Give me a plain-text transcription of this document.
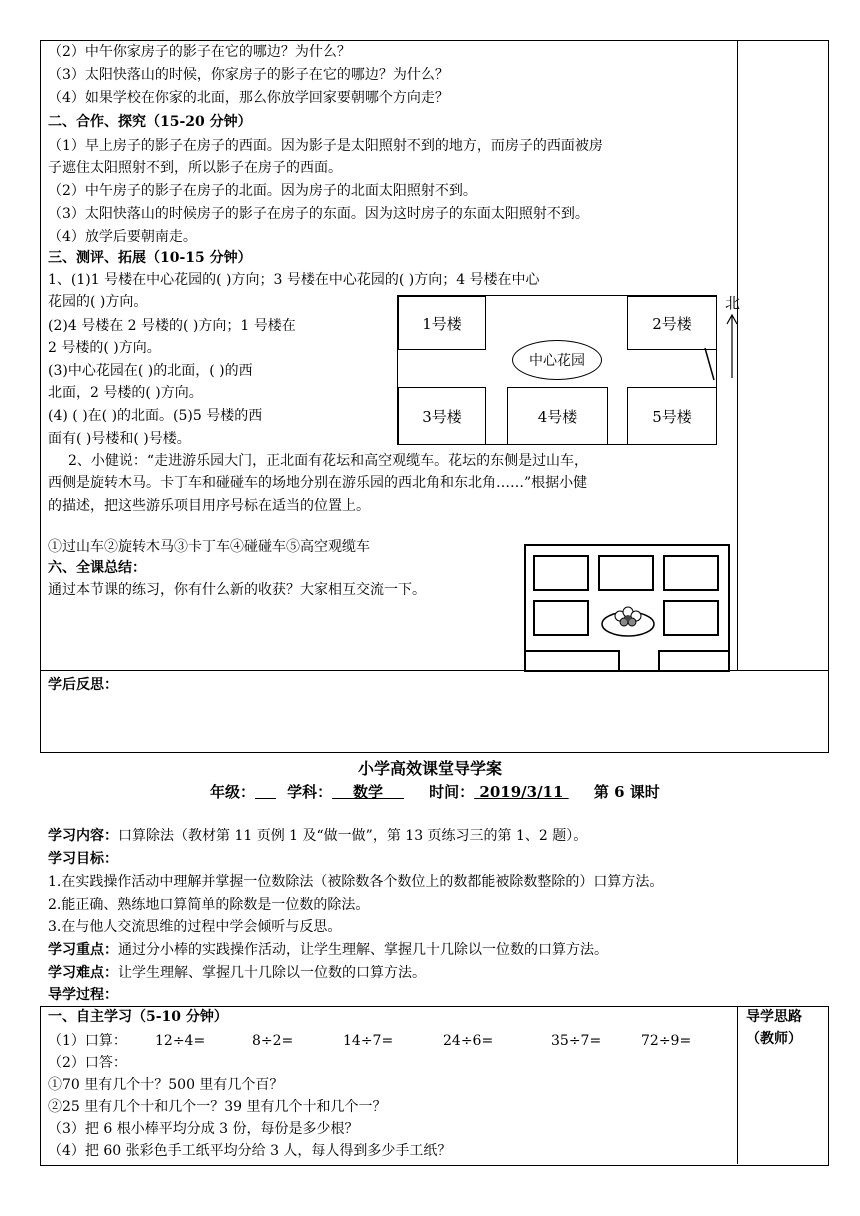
（2）中午你家房子的影子在它的哪边？为什么？
（3）太阳快落山的时候，你家房子的影子在它的哪边？为什么？
（4）如果学校在你家的北面，那么你放学回家要朝哪个方向走？
二、合作、探究（15-20 分钟）
（1）早上房子的影子在房子的西面。因为影子是太阳照射不到的地方，而房子的西面被房
子遮住太阳照射不到，所以影子在房子的西面。
（2）中午房子的影子在房子的北面。因为房子的北面太阳照射不到。
（3）太阳快落山的时候房子的影子在房子的东面。因为这时房子的东面太阳照射不到。
（4）放学后要朝南走。
三、测评、拓展（10-15 分钟）
1、(1)1 号楼在中心花园的( )方向；3 号楼在中心花园的( )方向；4 号楼在中心
花园的( )方向。
(2)4 号楼在 2 号楼的( )方向；1 号楼在
2 号楼的( )方向。
(3)中心花园在( )的北面，( )的西
北面，2 号楼的( )方向。
(4) ( )在( )的北面。(5)5 号楼的西
面有( )号楼和( )号楼。
1号楼	2号楼
3号楼	4号楼	5号楼
中心花园
北
2、小健说：“走进游乐园大门，正北面有花坛和高空观缆车。花坛的东侧是过山车，
西侧是旋转木马。卡丁车和碰碰车的场地分别在游乐园的西北角和东北角……”根据小健
的描述，把这些游乐项目用序号标在适当的位置上。
①过山车②旋转木马③卡丁车④碰碰车⑤高空观缆车
六、全课总结：
通过本节课的练习，你有什么新的收获？大家相互交流一下。
学后反思：
小学高效课堂导学案
年级： 学科：    数学     时间： 2019/3/11  第 6 课时
学习内容：口算除法（教材第 11 页例 1 及“做一做”，第 13 页练习三的第 1、2 题）。
学习目标：
1.在实践操作活动中理解并掌握一位数除法（被除数各个数位上的数都能被除数整除的）口算方法。
2.能正确、熟练地口算简单的除数是一位数的除法。
3.在与他人交流思维的过程中学会倾听与反思。
学习重点：通过分小棒的实践操作活动，让学生理解、掌握几十几除以一位数的口算方法。
学习难点：让学生理解、掌握几十几除以一位数的口算方法。
导学过程：
一、自主学习（5-10 分钟）	导学思路
（教师）
（1）口算： 12÷4=	8÷2=	14÷7=	24÷6=	35÷7=	72÷9=
（2）口答：
①70 里有几个十？500 里有几个百？
②25 里有几个十和几个一？39 里有几个十和几个一？
（3）把 6 根小棒平均分成 3 份，每份是多少根？
（4）把 60 张彩色手工纸平均分给 3 人，每人得到多少手工纸？
